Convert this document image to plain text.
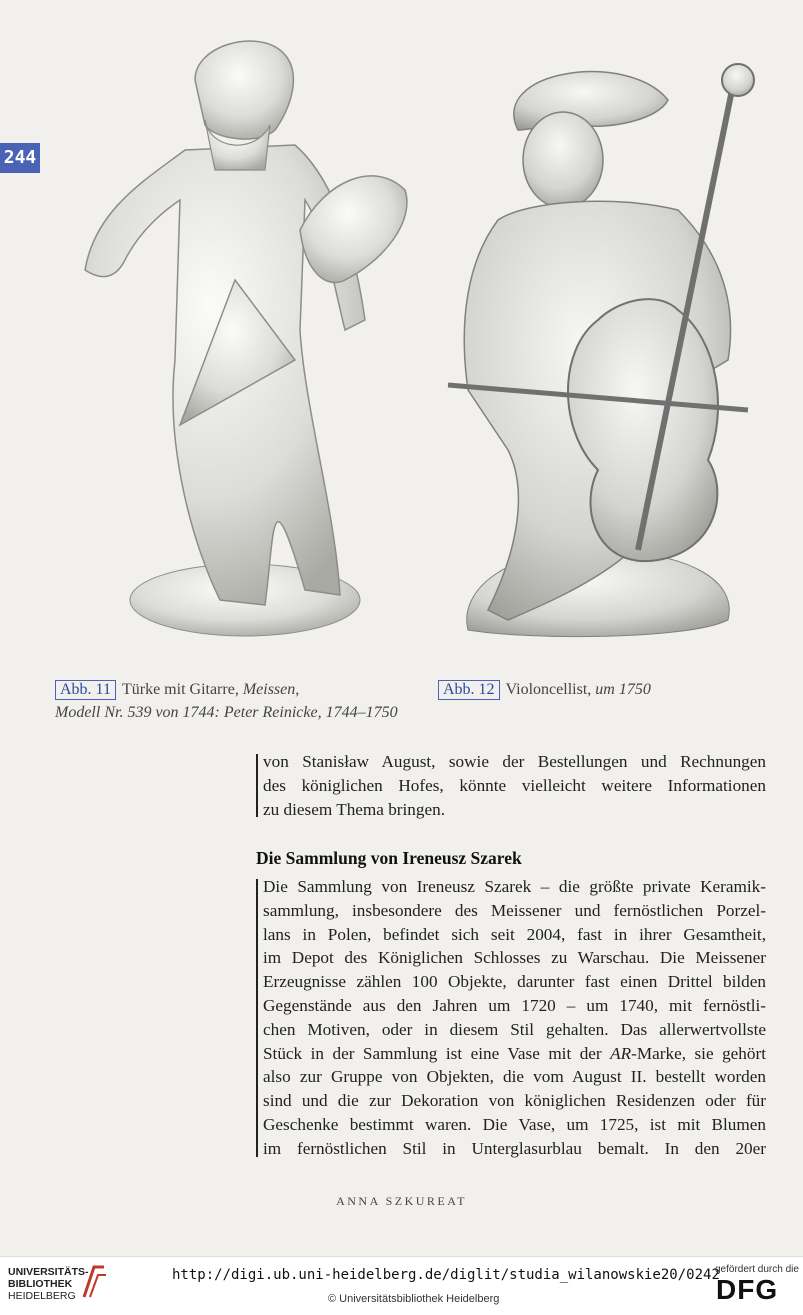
244
Abb. 11 Türke mit Gitarre, Meissen,
Modell Nr. 539 von 1744: Peter Reinicke, 1744–1750
Abb. 12 Violoncellist, um 1750
von Stanisław August, sowie der Bestellungen und Rechnungen
des königlichen Hofes, könnte vielleicht weitere Informationen
zu diesem Thema bringen.
Die Sammlung von Ireneusz Szarek
Die Sammlung von Ireneusz Szarek – die größte private Keramik-
sammlung, insbesondere des Meissener und fernöstlichen Porzel-
lans in Polen, befindet sich seit 2004, fast in ihrer Gesamtheit,
im Depot des Königlichen Schlosses zu Warschau. Die Meissener
Erzeugnisse zählen 100 Objekte, darunter fast einen Drittel bilden
Gegenstände aus den Jahren um 1720 – um 1740, mit fernöstli-
chen Motiven, oder in diesem Stil gehalten. Das allerwertvollste
Stück in der Sammlung ist eine Vase mit der AR-Marke, sie gehört
also zur Gruppe von Objekten, die vom August II. bestellt worden
sind und die zur Dekoration von königlichen Residenzen oder für
Geschenke bestimmt waren. Die Vase, um 1725, ist mit Blumen
im fernöstlichen Stil in Unterglasurblau bemalt. In den 20er
ANNA SZKUREAT
UNIVERSITÄTS-
BIBLIOTHEK
HEIDELBERG
http://digi.ub.uni-heidelberg.de/diglit/studia_wilanowskie20/0242
© Universitätsbibliothek Heidelberg
gefördert durch die
DFG
